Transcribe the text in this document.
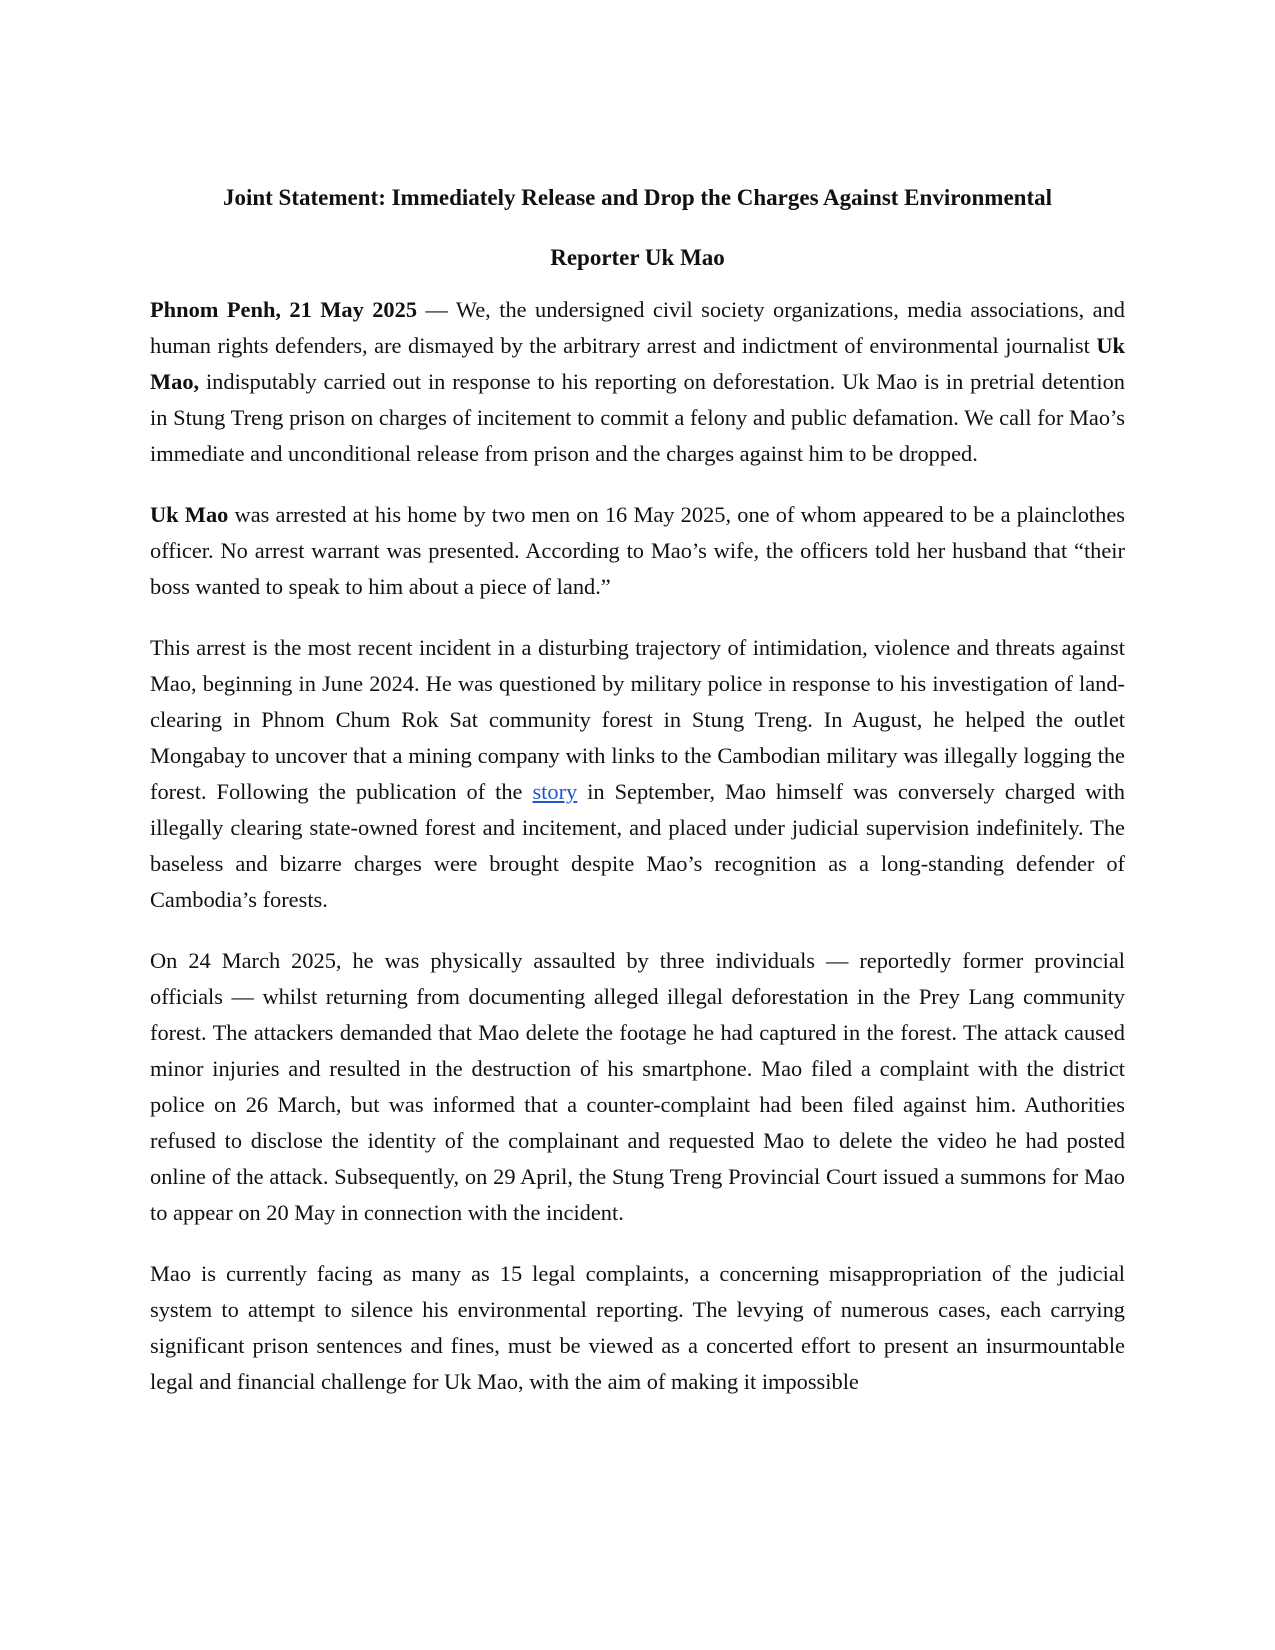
Joint Statement: Immediately Release and Drop the Charges Against Environmental
Reporter Uk Mao

Phnom Penh, 21 May 2025 — We, the undersigned civil society organizations, media associations, and human rights defenders, are dismayed by the arbitrary arrest and indictment of environmental journalist Uk Mao, indisputably carried out in response to his reporting on deforestation. Uk Mao is in pretrial detention in Stung Treng prison on charges of incitement to commit a felony and public defamation. We call for Mao’s immediate and unconditional release from prison and the charges against him to be dropped.

Uk Mao was arrested at his home by two men on 16 May 2025, one of whom appeared to be a plainclothes officer. No arrest warrant was presented. According to Mao’s wife, the officers told her husband that “their boss wanted to speak to him about a piece of land.”

This arrest is the most recent incident in a disturbing trajectory of intimidation, violence and threats against Mao, beginning in June 2024. He was questioned by military police in response to his investigation of land-clearing in Phnom Chum Rok Sat community forest in Stung Treng. In August, he helped the outlet Mongabay to uncover that a mining company with links to the Cambodian military was illegally logging the forest. Following the publication of the story in September, Mao himself was conversely charged with illegally clearing state-owned forest and incitement, and placed under judicial supervision indefinitely. The baseless and bizarre charges were brought despite Mao’s recognition as a long-standing defender of Cambodia’s forests.

On 24 March 2025, he was physically assaulted by three individuals — reportedly former provincial officials — whilst returning from documenting alleged illegal deforestation in the Prey Lang community forest. The attackers demanded that Mao delete the footage he had captured in the forest. The attack caused minor injuries and resulted in the destruction of his smartphone. Mao filed a complaint with the district police on 26 March, but was informed that a counter-complaint had been filed against him. Authorities refused to disclose the identity of the complainant and requested Mao to delete the video he had posted online of the attack. Subsequently, on 29 April, the Stung Treng Provincial Court issued a summons for Mao to appear on 20 May in connection with the incident.

Mao is currently facing as many as 15 legal complaints, a concerning misappropriation of the judicial system to attempt to silence his environmental reporting. The levying of numerous cases, each carrying significant prison sentences and fines, must be viewed as a concerted effort to present an insurmountable legal and financial challenge for Uk Mao, with the aim of making it impossible
